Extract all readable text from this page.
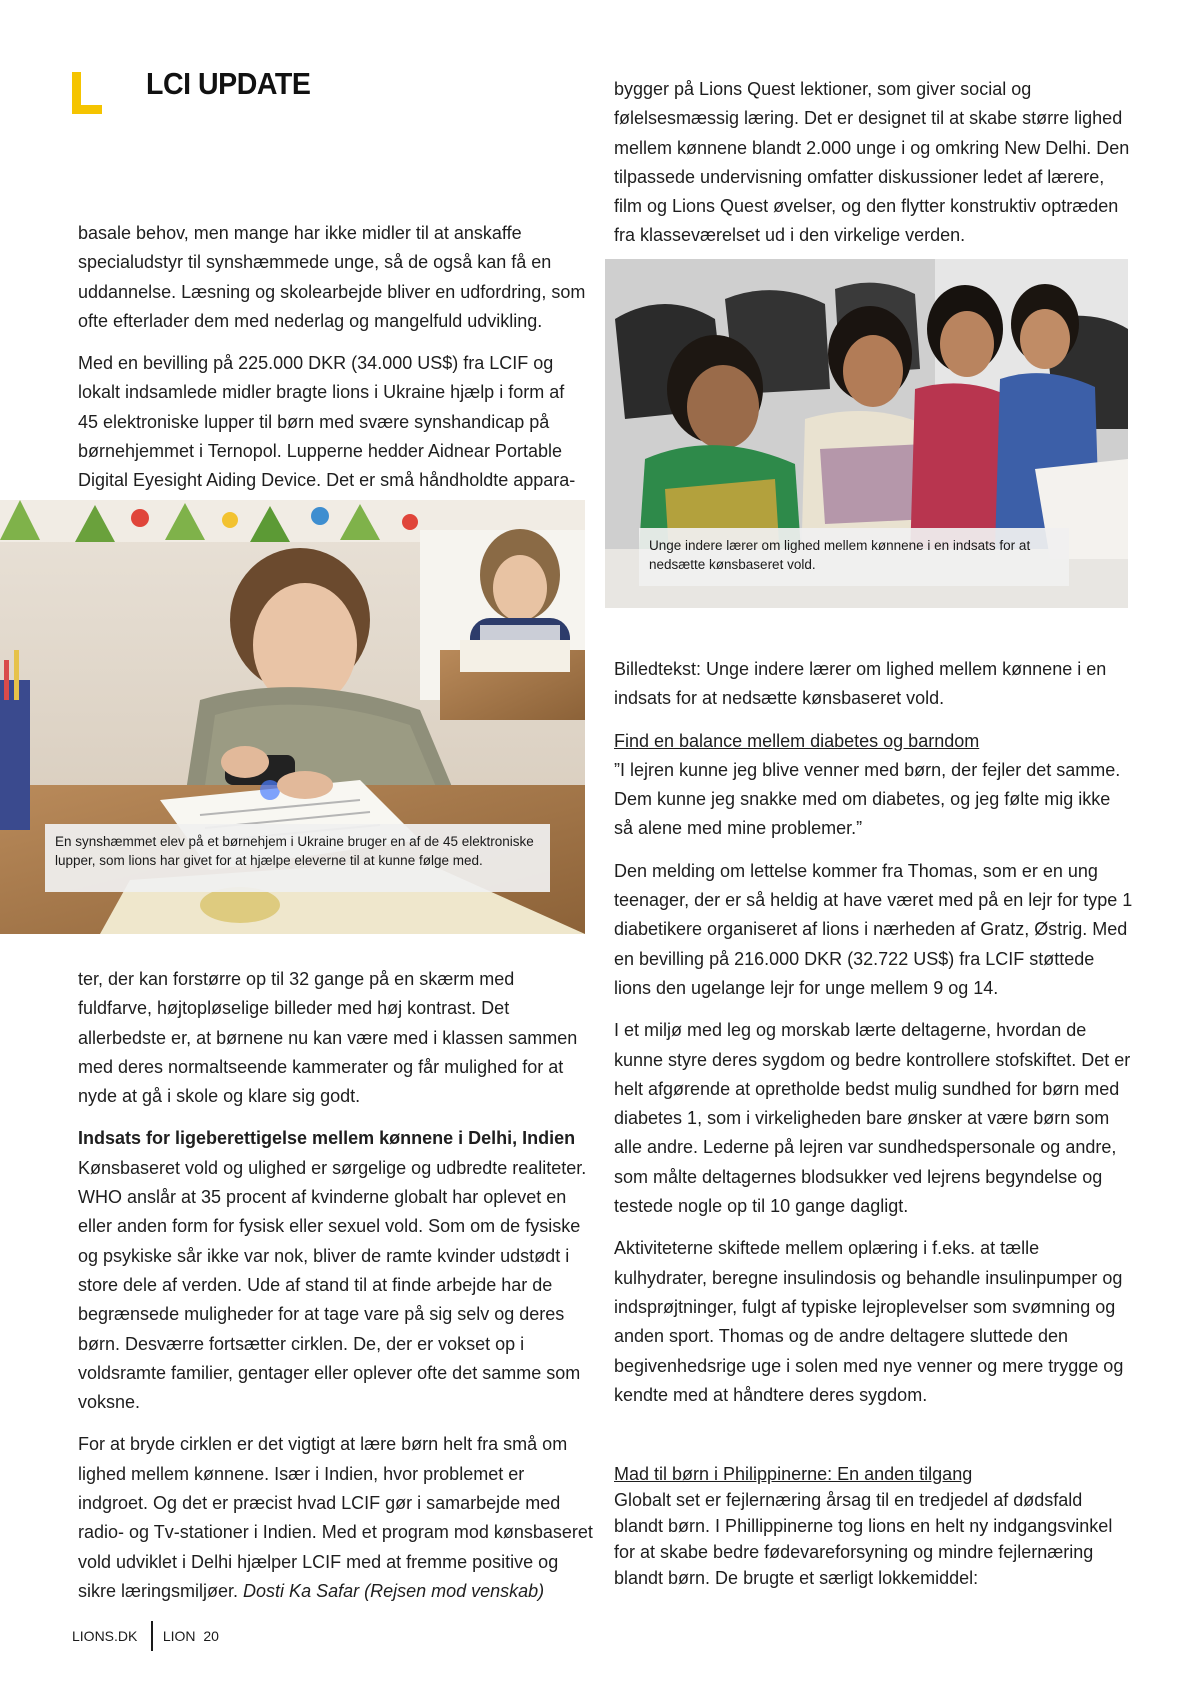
LCI UPDATE

basale behov, men mange har ikke midler til at anskaffe specialudstyr til synshæmmede unge, så de også kan få en uddannelse. Læsning og skolearbejde bliver en udfordring, som ofte efterlader dem med nederlag og mangelfuld udvikling.

Med en bevilling på 225.000 DKR (34.000 US$) fra LCIF og lokalt indsamlede midler bragte lions i Ukraine hjælp i form af 45 elektroniske lupper til børn med svære synshandicap på børnehjemmet i Ternopol. Lupperne hedder Aidnear Portable Digital Eyesight Aiding Device. Det er små håndholdte appara-

En synshæmmet elev på et børnehjem i Ukraine bruger en af de 45 elektroniske lupper, som lions har givet for at hjælpe eleverne til at kunne følge med.

ter, der kan forstørre op til 32 gange på en skærm med fuldfarve, højtopløselige billeder med høj kontrast. Det allerbedste er, at børnene nu kan være med i klassen sammen med deres normaltseende kammerater og får mulighed for at nyde at gå i skole og klare sig godt.

Indsats for ligeberettigelse mellem kønnene i Delhi, Indien
Kønsbaseret vold og ulighed er sørgelige og udbredte realiteter. WHO anslår at 35 procent af kvinderne globalt har oplevet en eller anden form for fysisk eller sexuel vold. Som om de fysiske og psykiske sår ikke var nok, bliver de ramte kvinder udstødt i store dele af verden. Ude af stand til at finde arbejde har de begrænsede muligheder for at tage vare på sig selv og deres børn. Desværre fortsætter cirklen. De, der er vokset op i voldsramte familier, gentager eller oplever ofte det samme som voksne.

For at bryde cirklen er det vigtigt at lære børn helt fra små om lighed mellem kønnene. Især i Indien, hvor problemet er indgroet. Og det er præcist hvad LCIF gør i samarbejde med radio- og Tv-stationer i Indien. Med et program mod kønsbaseret vold udviklet i Delhi hjælper LCIF med at fremme positive og sikre læringsmiljøer. Dosti Ka Safar (Rejsen mod venskab)

bygger på Lions Quest lektioner, som giver social og følelsesmæssig læring. Det er designet til at skabe større lighed mellem kønnene blandt 2.000 unge i og omkring New Delhi. Den tilpassede undervisning omfatter diskussioner ledet af lærere, film og Lions Quest øvelser, og den flytter konstruktiv optræden fra klasseværelset ud i den virkelige verden.

Unge indere lærer om lighed mellem kønnene i en indsats for at nedsætte kønsbaseret vold.

Billedtekst: Unge indere lærer om lighed mellem kønnene i en indsats for at nedsætte kønsbaseret vold.

Find en balance mellem diabetes og barndom
”I lejren kunne jeg blive venner med børn, der fejler det samme. Dem kunne jeg snakke med om diabetes, og jeg følte mig ikke så alene med mine problemer.”

Den melding om lettelse kommer fra Thomas, som er en ung teenager, der er så heldig at have været med på en lejr for type 1 diabetikere organiseret af lions i nærheden af Gratz, Østrig. Med en bevilling på 216.000 DKR (32.722 US$) fra LCIF støttede lions den ugelange lejr for unge mellem 9 og 14.

I et miljø med leg og morskab lærte deltagerne, hvordan de kunne styre deres sygdom og bedre kontrollere stofskiftet. Det er helt afgørende at opretholde bedst mulig sundhed for børn med diabetes 1, som i virkeligheden bare ønsker at være børn som alle andre. Lederne på lejren var sundhedspersonale og andre, som målte deltagernes blodsukker ved lejrens begyndelse og testede nogle op til 10 gange dagligt.

Aktiviteterne skiftede mellem oplæring i f.eks. at tælle kulhydrater, beregne insulindosis og behandle insulinpumper og indsprøjtninger, fulgt af typiske lejroplevelser som svømning og anden sport. Thomas og de andre deltagere sluttede den begivenhedsrige uge i solen med nye venner og mere trygge og kendte med at håndtere deres sygdom.

Mad til børn i Philippinerne: En anden tilgang
Globalt set er fejlernæring årsag til en tredjedel af dødsfald blandt børn. I Phillippinerne tog lions en helt ny indgangsvinkel for at skabe bedre fødevareforsyning og mindre fejlernæring blandt børn. De brugte et særligt lokkemiddel:
LIONS.DK LION
20
